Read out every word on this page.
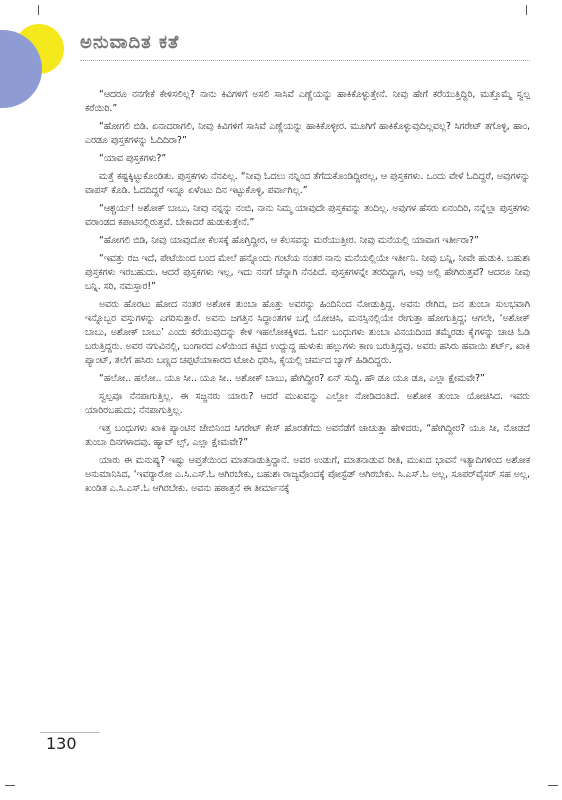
ಅನುವಾದಿತ ಕತೆ

“ಆದರೂ ನನಗೇಕೆ ಕೇಳಿಸಲಿಲ್ಲ? ನಾನು ಕಿವಿಗಳಿಗೆ ಅಸಲಿ ಸಾಸಿವೆ ಎಣ್ಣೆಯನ್ನು ಹಾಕಿಕೊಳ್ಳುತ್ತೇನೆ. ನೀವು ಹೇಗೆ ಕರೆಯುತ್ತಿದ್ದಿರಿ, ಮತ್ತೊಮ್ಮೆ ಸ್ವಲ್ಪ ಕರೆಯಿರಿ.”

“ಹೋಗಲಿ ಬಿಡಿ. ಏನಾದರಾಗಲಿ, ನೀವು ಕಿವಿಗಳಿಗೆ ಸಾಸಿವೆ ಎಣ್ಣೆಯನ್ನು ಹಾಕಿಕೊಳ್ಳೀರ. ಮೂಗಿಗೆ ಹಾಕಿಕೊಳ್ಳುವುದಿಲ್ಲವಲ್ಲ? ಸಿಗರೇಟ್ ತಗೊಳ್ಳಿ, ಹಾಂ, ಎರಡೂ ಪುಸ್ತಕಗಳನ್ನು ಓದಿದಿರಾ?”

“ಯಾವ ಪುಸ್ತಕಗಳು?”

ಮತ್ತೆ ಕಷ್ಟಕ್ಕಿಟ್ಟುಕೊಂಡಿತು. ಪುಸ್ತಕಗಳು ನೆನಪಿಲ್ಲ. “ನೀವು ಓದಲು ನನ್ನಿಂದ ತೆಗೆದುಕೊಂಡಿದ್ದೀರಲ್ಲ, ಆ ಪುಸ್ತಕಗಳು. ಒಂದು ವೇಳೆ ಓದಿದ್ದರೆ, ಅವುಗಳನ್ನು ವಾಪಸ್ ಕೊಡಿ. ಓದದಿದ್ದರೆ ಇನ್ನೂ ಏಳೆಂಟು ದಿನ ಇಟ್ಟುಕೊಳ್ಳಿ, ಪರ್ವಾಗಿಲ್ಲ.”

“ಆಶ್ಚರ್ಯ! ಅಶೋಕ್ ಬಾಬು, ನೀವು ನನ್ನನ್ನು ನಂಬಿ, ನಾನು ನಿಮ್ಮ ಯಾವುದೇ ಪುಸ್ತಕವನ್ನು ತಂದಿಲ್ಲ. ಅವುಗಳ ಹೆಸರು ಏನಂದಿರಿ, ನನ್ನೆಲ್ಲಾ ಪುಸ್ತಕಗಳು ವರಾಂಡದ ಕಪಾಟಿನಲ್ಲಿರುತ್ತವೆ. ಬೇಕಾದರೆ ಹುಡುಕುತ್ತೇನೆ.”

“ಹೋಗಲಿ ಬಿಡಿ, ನೀವು ಯಾವುದೋ ಕೆಲಸಕ್ಕೆ ಹೊಗ್ತಿದ್ದೀರ, ಆ ಕೆಲಸವನ್ನು ಮರೆಯುತ್ತೀರ. ನೀವು ಮನೆಯಲ್ಲಿ ಯಾವಾಗ ಇರ್ತೀರಾ?”

“ಇವತ್ತು ರಜ ಇದೆ, ಪೇಟೆಯಿಂದ ಬಂದ ಮೇಲೆ ಹನ್ನೊಂದು ಗಂಟೆಯ ನಂತರ ನಾನು ಮನೆಯಲ್ಲಿಯೇ ಇರ್ತೀನಿ. ನೀವು ಬನ್ನಿ, ನೀವೇ ಹುಡುಕಿ. ಬಹುಶಃ ಪುಸ್ತಕಗಳು ಇರಬಹುದು. ಆದರೆ ಪುಸ್ತಕಗಳು ಇಲ್ಲ, ಇದು ನನಗೆ ಚೆನ್ನಾಗಿ ನೆನಪಿದೆ. ಪುಸ್ತಕಗಳನ್ನೇ ತರದಿದ್ದಾಗ, ಅವು ಅಲ್ಲಿ ಹೇಗಿರುತ್ತವೆ? ಆದರೂ ನೀವು ಬನ್ನಿ. ಸರಿ, ನಮಸ್ತಾರ!”

ಅವರು ಹೊರಟು ಹೋದ ನಂತರ ಅಶೋಕ ತುಂಬಾ ಹೊತ್ತು ಅವರನ್ನು ಹಿಂದಿನಿಂದ ನೋಡುತ್ತಿದ್ದ. ಅವನು ರೇಗಿದ, ಜನ ತುಂಬಾ ಸುಲಭವಾಗಿ ಇನ್ನೊಬ್ಬರ ವಸ್ತುಗಳನ್ನು ಎಗರಿಸುತ್ತಾರೆ. ಅವನು ಜಗತ್ತಿನ ಸಿದ್ಧಾಂತಗಳ ಬಗ್ಗೆ ಯೋಚಿಸಿ, ಮನಸ್ಸಿನಲ್ಲಿಯೇ ರೇಗುತ್ತಾ ಹೋಗುತ್ತಿದ್ದ; ಆಗಲೇ, ‘ಅಶೋಕ್ ಬಾಬು, ಅಶೋಕ್ ಬಾಬು’ ಎಂದು ಕರೆಯುವುದನ್ನು ಕೇಳಿ ಇಹಲೋಕಕ್ಕಿಳಿದ. ಓರ್ವ ಬಂಧುಗಳು ತುಂಬಾ ವಿನಯದಿಂದ ತಮ್ಮೆರಡು ಕೈಗಳನ್ನು ಚಾಚಿ ಓಡಿ ಬರುತ್ತಿದ್ದರು. ಅವರ ನಗುವಿನಲ್ಲಿ, ಬಂಗಾರದ ಎಳೆಯಿಂದ ಕಟ್ಟಿದ ಉದ್ದುದ್ದ ಹುಳುಕು ಹಲ್ಲುಗಳು ಕಾಣ ಬರುತ್ತಿದ್ದವು. ಅವರು ಹಸಿರು ಹವಾಯಿ ಶರ್ಟ್, ಖಾಕಿ ಪ್ಯಾಂಟ್, ತಲೆಗೆ ಹಸಿರು ಬಣ್ಣದ ಚಪ್ಪಟೆಯಾಕಾರದ ಟೋಪಿ ಧರಿಸಿ, ಕೈಯಲ್ಲಿ ಚರ್ಮದ ಬ್ಯಾಗ್ ಹಿಡಿದಿದ್ದರು.

“ಹಲೋ.. ಹಲೋ.. ಯೂ ಸೀ.. ಯೂ ಸೀ.. ಅಶೋಕ್ ಬಾಬು, ಹೇಗಿದ್ದೀರ? ಏನ್ ಸುದ್ದಿ. ಹೌ ಡೂ ಯೂ ಡೂ, ಎಲ್ಲಾ ಕ್ಷೇಮವೇ?”

ಸ್ವಲ್ಪವೂ ನೆನಪಾಗುತ್ತಿಲ್ಲ. ಈ ಸಜ್ಜನರು ಯಾರು? ಆದರೆ ಮುಖವನ್ನು ಎಲ್ಲೋ ನೋಡಿದಂತಿದೆ. ಅಶೋಕ ತುಂಬಾ ಯೋಚಿಸಿದ. ಇವರು ಯಾರಿರಬಹುದು; ನೆನಪಾಗುತ್ತಿಲ್ಲ.

ಇತ್ತ ಬಂಧುಗಳು ಖಾಕಿ ಪ್ಯಾಂಟಿನ ಜೇಬಿನಿಂದ ಸಿಗರೇಟ್ ಕೇಸ್ ಹೊರತೆಗೆದು ಅವನೆಡೆಗೆ ಚಾಚುತ್ತಾ ಹೇಳಿದರು, “ಹೇಗಿದ್ದೀರ? ಯೂ ಸೀ, ನೋಡದೆ ತುಂಬಾ ದಿನಗಳಾದವು. ಹ್ಯಾವ್ ಲ್ಸ್, ಎಲ್ಲಾ ಕ್ಷೇಮವೇ?”

ಯಾರು ಈ ಮನುಷ್ಯ? ಇಷ್ಟು ಆಪ್ತತೆಯಿಂದ ಮಾತನಾಡುತ್ತಿದ್ದಾನೆ. ಅವರ ಉಡುಗೆ, ಮಾತನಾಡುವ ರೀತಿ, ಮುಖದ ಭಾವನೆ ಇತ್ಯಾದಿಗಳಿಂದ ಅಶೋಕ ಅನುಮಾನಿಸಿದ, ‘ಇವರ್‍ಯಾರೋ ಎ.ಸಿ.ಎಸ್.ಓ ಆಗಿರಬೇಕು, ಬಹುಶಃ ರಾಜ್ಯವೊಂದಕ್ಕೆ ಪೋಸ್ಟೆಡ್ ಆಗಿರಬೇಕು. ಸಿ.ಎಸ್.ಓ ಅಲ್ಲ, ಸೂಪರ್‌ವೈಸರ್ ಸಹ ಅಲ್ಲ, ಖಂಡಿತ ಎ.ಸಿ.ಎಸ್.ಓ ಆಗಿರಬೇಕು. ಅವನು ಹಠಾತ್ತನೆ ಈ ತೀರ್ಮಾನಕ್ಕೆ

130
